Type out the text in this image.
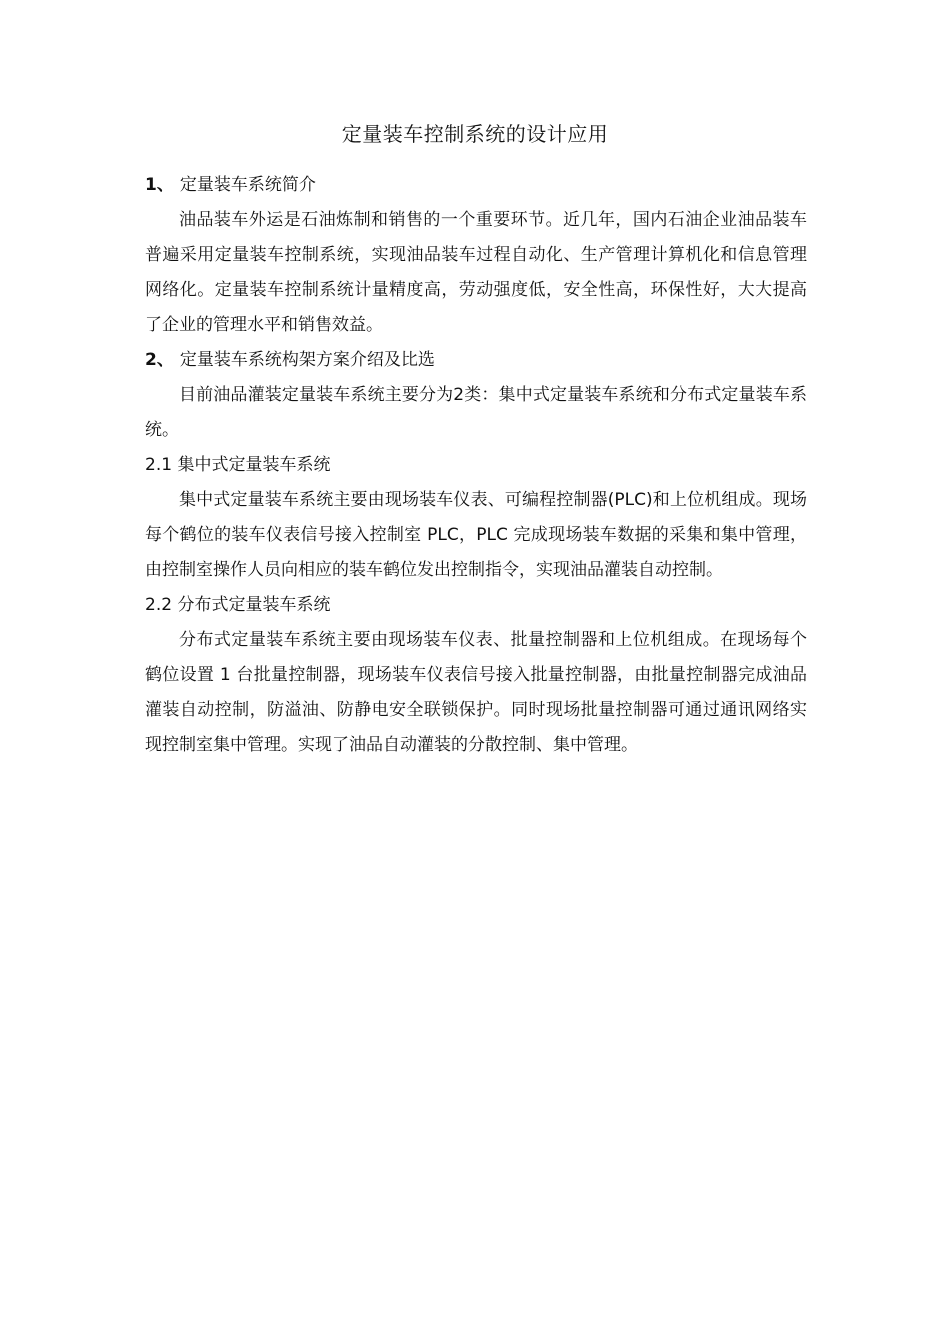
定量装车控制系统的设计应用
1、 定量装车系统简介

油品装车外运是石油炼制和销售的一个重要环节。近几年，国内石油企业油品装车普遍采用定量装车控制系统，实现油品装车过程自动化、生产管理计算机化和信息管理网络化。定量装车控制系统计量精度高，劳动强度低，安全性高，环保性好，大大提高了企业的管理水平和销售效益。

2、 定量装车系统构架方案介绍及比选

目前油品灌装定量装车系统主要分为2类：集中式定量装车系统和分布式定量装车系统。

2.1 集中式定量装车系统

集中式定量装车系统主要由现场装车仪表、可编程控制器(PLC)和上位机组成。现场每个鹤位的装车仪表信号接入控制室 PLC，PLC 完成现场装车数据的采集和集中管理，由控制室操作人员向相应的装车鹤位发出控制指令，实现油品灌装自动控制。

2.2 分布式定量装车系统

分布式定量装车系统主要由现场装车仪表、批量控制器和上位机组成。在现场每个鹤位设置 1 台批量控制器，现场装车仪表信号接入批量控制器，由批量控制器完成油品灌装自动控制，防溢油、防静电安全联锁保护。同时现场批量控制器可通过通讯网络实现控制室集中管理。实现了油品自动灌装的分散控制、集中管理。
